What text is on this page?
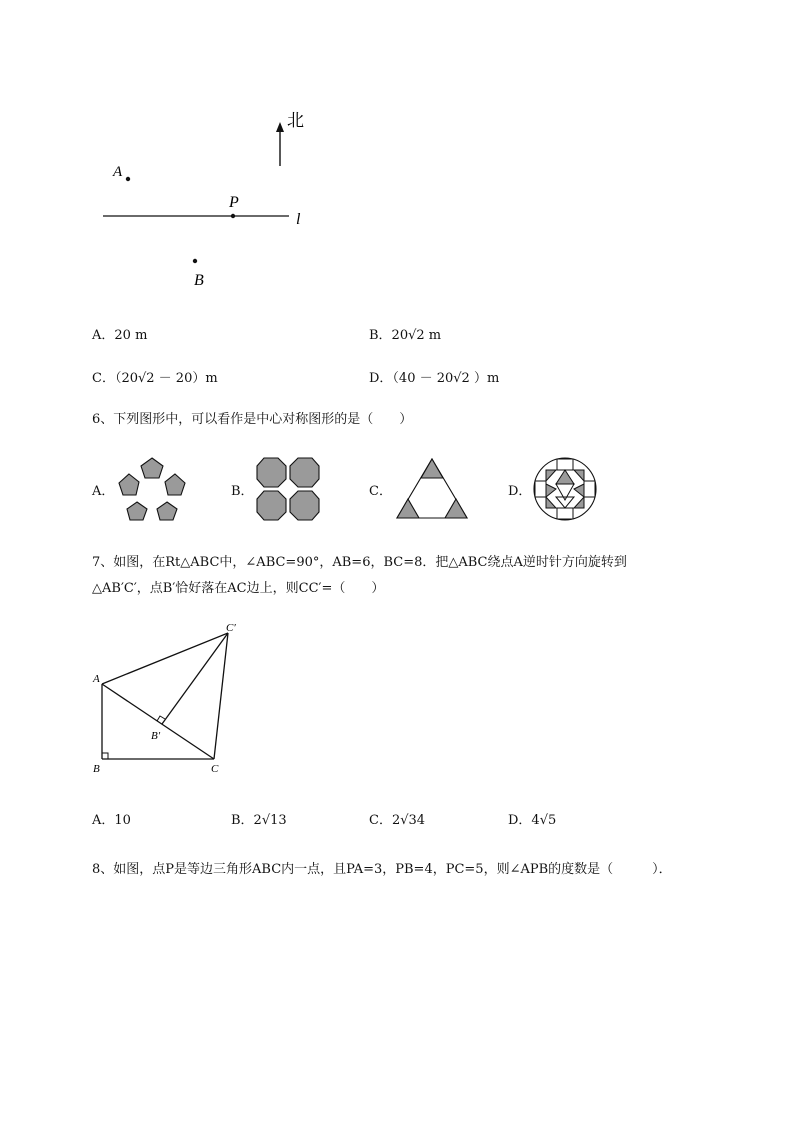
北
l
A
P
B
A．20 m	B．20√2 m
C．（20√2 － 20）m	D．（40 － 20√2 ）m
6、下列图形中，可以看作是中心对称图形的是（　　）
A．	B．	C．	D．
7、如图，在Rt△ABC中，∠ABC=90°，AB=6，BC=8．把△ABC绕点A逆时针方向旋转到
△AB′C′，点B′恰好落在AC边上，则CC′=（　　）
A
B	C
B′
C′
A．10	B．2√13	C．2√34	D．4√5
8、如图，点P是等边三角形ABC内一点，且PA=3，PB=4，PC=5，则∠APB的度数是（　　　）．
